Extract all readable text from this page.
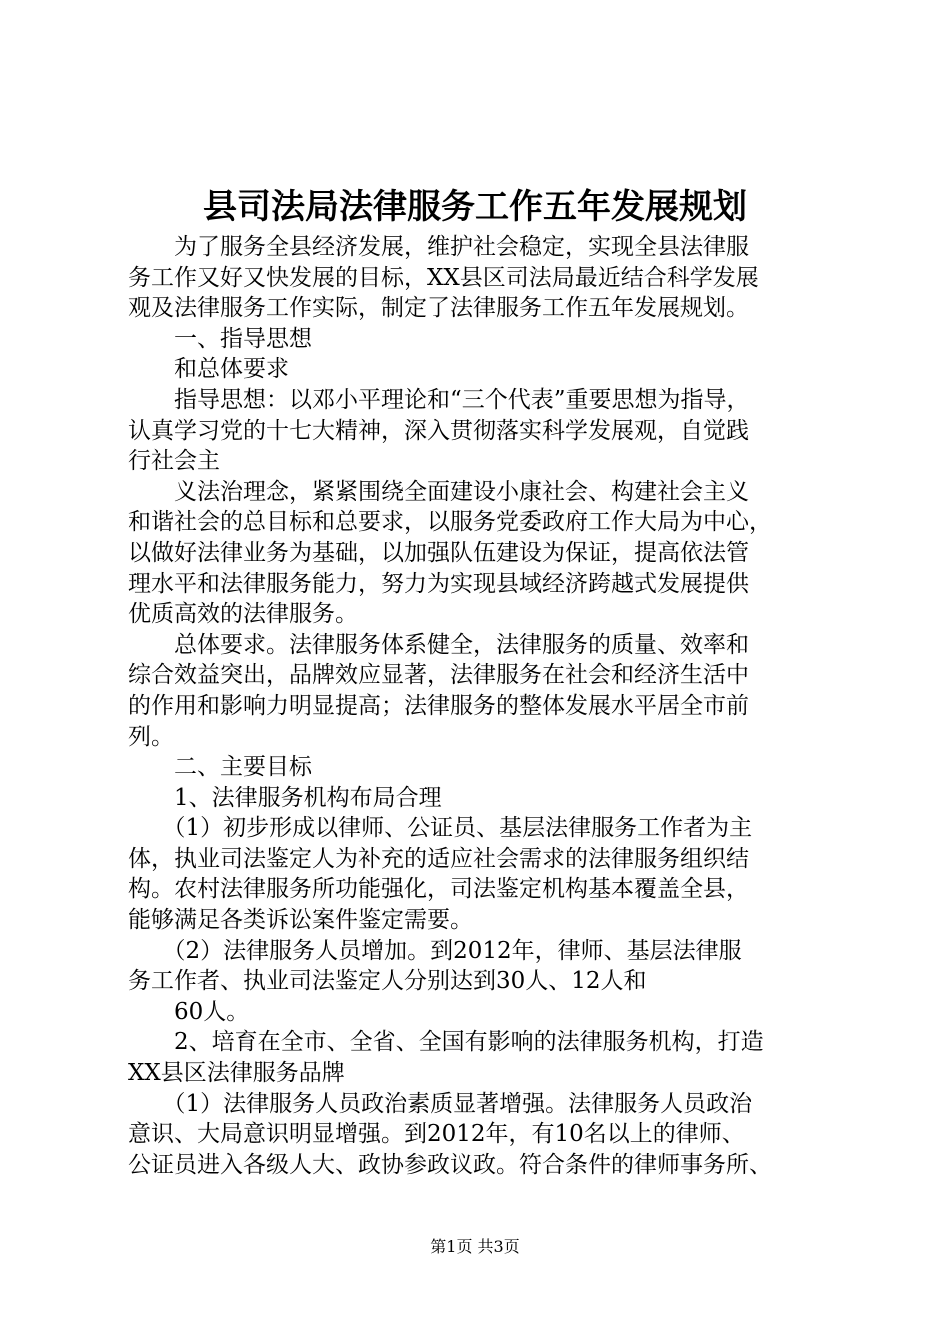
县司法局法律服务工作五年发展规划

　　为了服务全县经济发展，维护社会稳定，实现全县法律服

务工作又好又快发展的目标，XX县区司法局最近结合科学发展

观及法律服务工作实际，制定了法律服务工作五年发展规划。

　　一、指导思想

　　和总体要求

　　指导思想：以邓小平理论和“三个代表”重要思想为指导，

认真学习党的十七大精神，深入贯彻落实科学发展观，自觉践

行社会主

　　义法治理念，紧紧围绕全面建设小康社会、构建社会主义

和谐社会的总目标和总要求，以服务党委政府工作大局为中心，

以做好法律业务为基础，以加强队伍建设为保证，提高依法管

理水平和法律服务能力，努力为实现县域经济跨越式发展提供

优质高效的法律服务。

　　总体要求。法律服务体系健全，法律服务的质量、效率和

综合效益突出，品牌效应显著，法律服务在社会和经济生活中

的作用和影响力明显提高；法律服务的整体发展水平居全市前

列。

　　二、主要目标

　　1、法律服务机构布局合理

　　（1）初步形成以律师、公证员、基层法律服务工作者为主

体，执业司法鉴定人为补充的适应社会需求的法律服务组织结

构。农村法律服务所功能强化，司法鉴定机构基本覆盖全县，

能够满足各类诉讼案件鉴定需要。

　　（2）法律服务人员增加。到2012年，律师、基层法律服

务工作者、执业司法鉴定人分别达到30人、12人和

　　60人。

　　2、培育在全市、全省、全国有影响的法律服务机构，打造

XX县区法律服务品牌

　　（1）法律服务人员政治素质显著增强。法律服务人员政治

意识、大局意识明显增强。到2012年，有10名以上的律师、

公证员进入各级人大、政协参政议政。符合条件的律师事务所、

第1页 共3页
